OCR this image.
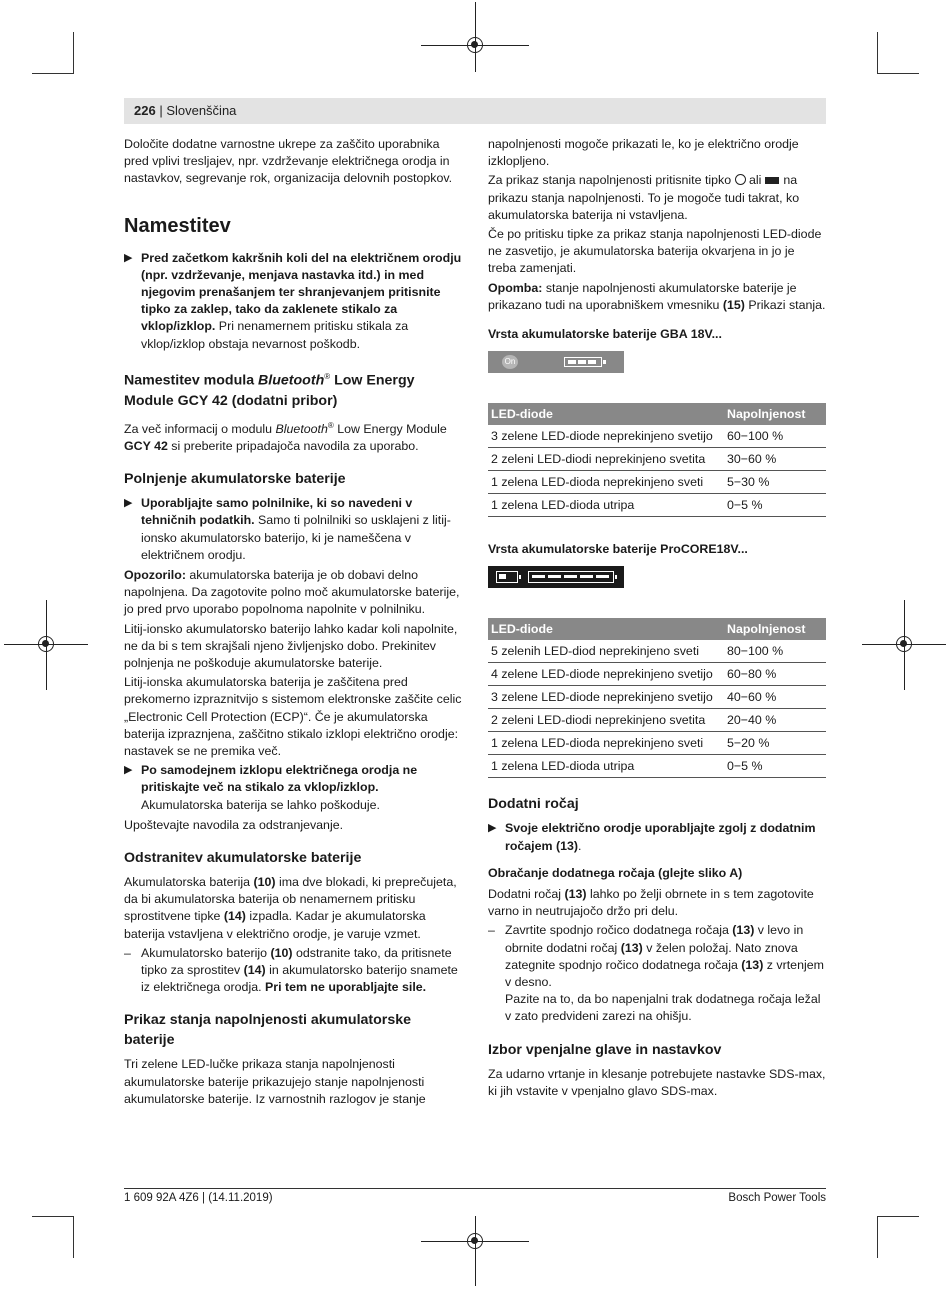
226 | Slovenščina

Določite dodatne varnostne ukrepe za zaščito uporabnika pred vplivi tresljajev, npr. vzdrževanje električnega orodja in nastavkov, segrevanje rok, organizacija delovnih postopkov.

Namestitev
▶ Pred začetkom kakršnih koli del na električnem orodju (npr. vzdrževanje, menjava nastavka itd.) in med njegovim prenašanjem ter shranjevanjem pritisnite tipko za zaklep, tako da zaklenete stikalo za vklop/izklop. Pri nenamernem pritisku stikala za vklop/izklop obstaja nevarnost poškodb.
Namestitev modula Bluetooth® Low Energy Module GCY 42 (dodatni pribor)

Za več informacij o modulu Bluetooth® Low Energy Module GCY 42 si preberite pripadajoča navodila za uporabo.

Polnjenje akumulatorske baterije
▶ Uporabljajte samo polnilnike, ki so navedeni v tehničnih podatkih. Samo ti polnilniki so usklajeni z litij-ionsko akumulatorsko baterijo, ki je nameščena v električnem orodju.

Opozorilo: akumulatorska baterija je ob dobavi delno napolnjena. Da zagotovite polno moč akumulatorske baterije, jo pred prvo uporabo popolnoma napolnite v polnilniku.

Litij-ionsko akumulatorsko baterijo lahko kadar koli napolnite, ne da bi s tem skrajšali njeno življenjsko dobo. Prekinitev polnjenja ne poškoduje akumulatorske baterije.

Litij-ionska akumulatorska baterija je zaščitena pred prekomerno izpraznitvijo s sistemom elektronske zaščite celic „Electronic Cell Protection (ECP)“. Če je akumulatorska baterija izpraznjena, zaščitno stikalo izklopi električno orodje: nastavek se ne premika več.

▶ Po samodejnem izklopu električnega orodja ne pritiskajte več na stikalo za vklop/izklop.
Akumulatorska baterija se lahko poškoduje.

Upoštevajte navodila za odstranjevanje.

Odstranitev akumulatorske baterije

Akumulatorska baterija (10) ima dve blokadi, ki preprečujeta, da bi akumulatorska baterija ob nenamernem pritisku sprostitvene tipke (14) izpadla. Kadar je akumulatorska baterija vstavljena v električno orodje, je varuje vzmet.

– Akumulatorsko baterijo (10) odstranite tako, da pritisnete tipko za sprostitev (14) in akumulatorsko baterijo snamete iz električnega orodja. Pri tem ne uporabljajte sile.
Prikaz stanja napolnjenosti akumulatorske baterije

Tri zelene LED-lučke prikaza stanja napolnjenosti akumulatorske baterije prikazujejo stanje napolnjenosti akumulatorske baterije. Iz varnostnih razlogov je stanje

napolnjenosti mogoče prikazati le, ko je električno orodje izklopljeno.

Za prikaz stanja napolnjenosti pritisnite tipko  ali  na prikazu stanja napolnjenosti. To je mogoče tudi takrat, ko akumulatorska baterija ni vstavljena.

Če po pritisku tipke za prikaz stanja napolnjenosti LED-diode ne zasvetijo, je akumulatorska baterija okvarjena in jo je treba zamenjati.

Opomba: stanje napolnjenosti akumulatorske baterije je prikazano tudi na uporabniškem vmesniku (15) Prikazi stanja.

Vrsta akumulatorske baterije GBA 18V...
On
LED-diode	Napolnjenost
3 zelene LED-diode neprekinjeno svetijo	60−100 %
2 zeleni LED-diodi neprekinjeno svetita	30−60 %
1 zelena LED-dioda neprekinjeno sveti	5−30 %
1 zelena LED-dioda utripa	0−5 %
Vrsta akumulatorske baterije ProCORE18V...
LED-diode	Napolnjenost
5 zelenih LED-diod neprekinjeno sveti	80−100 %
4 zelene LED-diode neprekinjeno svetijo	60−80 %
3 zelene LED-diode neprekinjeno svetijo	40−60 %
2 zeleni LED-diodi neprekinjeno svetita	20−40 %
1 zelena LED-dioda neprekinjeno sveti	5−20 %
1 zelena LED-dioda utripa	0−5 %
Dodatni ročaj
▶ Svoje električno orodje uporabljajte zgolj z dodatnim ročajem (13).
Obračanje dodatnega ročaja (glejte sliko A)

Dodatni ročaj (13) lahko po želji obrnete in s tem zagotovite varno in neutrujajočo držo pri delu.

– Zavrtite spodnjo ročico dodatnega ročaja (13) v levo in obrnite dodatni ročaj (13) v želen položaj. Nato znova zategnite spodnjo ročico dodatnega ročaja (13) z vrtenjem v desno.
Pazite na to, da bo napenjalni trak dodatnega ročaja ležal v zato predvideni zarezi na ohišju.
Izbor vpenjalne glave in nastavkov

Za udarno vrtanje in klesanje potrebujete nastavke SDS-max, ki jih vstavite v vpenjalno glavo SDS-max.

1 609 92A 4Z6 | (14.11.2019)	Bosch Power Tools
